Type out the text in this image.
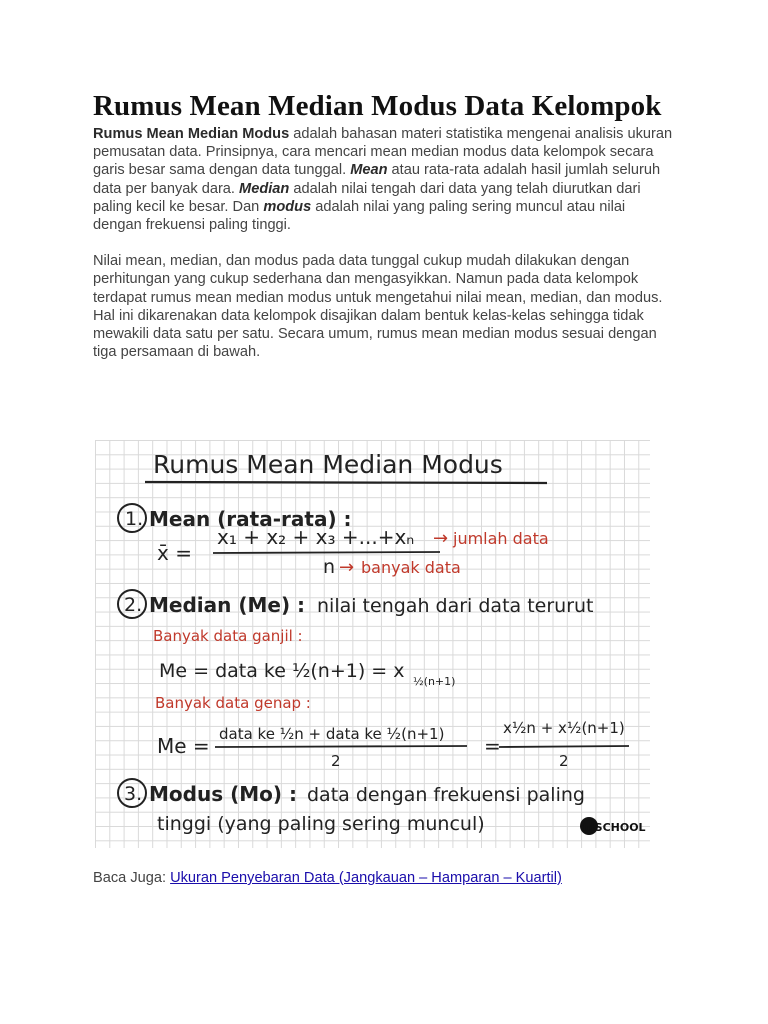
Rumus Mean Median Modus Data Kelompok

Rumus Mean Median Modus adalah bahasan materi statistika mengenai analisis ukuran pemusatan data. Prinsipnya, cara mencari mean median modus data kelompok secara garis besar sama dengan data tunggal. Mean atau rata-rata adalah hasil jumlah seluruh data per banyak dara. Median adalah nilai tengah dari data yang telah diurutkan dari paling kecil ke besar. Dan modus adalah nilai yang paling sering muncul atau nilai dengan frekuensi paling tinggi.

Nilai mean, median, dan modus pada data tunggal cukup mudah dilakukan dengan perhitungan yang cukup sederhana dan mengasyikkan. Namun pada data kelompok terdapat rumus mean median modus untuk mengetahui nilai mean, median, dan modus. Hal ini dikarenakan data kelompok disajikan dalam bentuk kelas-kelas sehingga tidak mewakili data satu per satu. Secara umum, rumus mean median modus sesuai dengan tiga persamaan di bawah.

Rumus Mean Median Modus
1. Mean (rata-rata) :
x̄ =
x₁ + x₂ + x₃ +...+xₙ → jumlah data
n → banyak data
2. Median (Me) : nilai tengah dari data terurut
Banyak data ganjil :
Me = data ke ½(n+1) = x ½(n+1)
Banyak data genap :
Me = data ke ½n + data ke ½(n+1)
2
=
x½n + x½(n+1)
2
3. Modus (Mo) : data dengan frekuensi paling
tinggi (yang paling sering muncul)	idSCHOOL
Baca Juga: Ukuran Penyebaran Data (Jangkauan – Hamparan – Kuartil)
